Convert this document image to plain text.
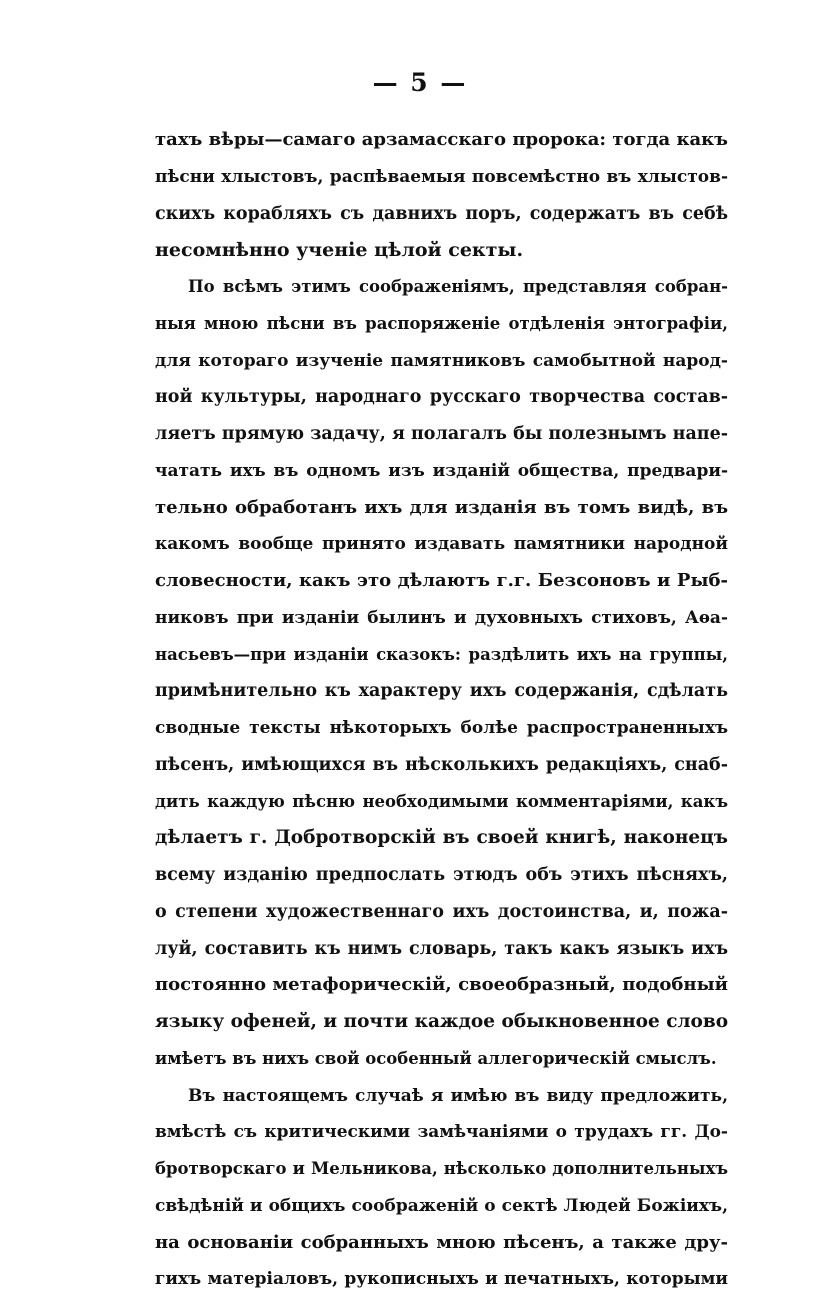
— 5 —
тахъ вѣры—самаго арзамасскаго пророка: тогда какъ
пѣсни хлыстовъ, распѣваемыя повсемѣстно въ хлыстов-
скихъ корабляхъ съ давнихъ поръ, содержатъ въ себѣ
несомнѣнно ученіе цѣлой секты.
По всѣмъ этимъ соображеніямъ, представляя собран-
ныя мною пѣсни въ распоряженіе отдѣленія энтографіи,
для котораго изученіе памятниковъ самобытной народ-
ной культуры, народнаго русскаго творчества состав-
ляетъ прямую задачу, я полагалъ бы полезнымъ напе-
чатать ихъ въ одномъ изъ изданій общества, предвари-
тельно обработанъ ихъ для изданія въ томъ видѣ, въ
какомъ вообще принято издавать памятники народной
словесности, какъ это дѣлаютъ г.г. Безсоновъ и Рыб-
никовъ при изданіи былинъ и духовныхъ стиховъ, Аѳа-
насьевъ—при изданіи сказокъ: раздѣлить ихъ на группы,
примѣнительно къ характеру ихъ содержанія, сдѣлать
сводные тексты нѣкоторыхъ болѣе распространенныхъ
пѣсенъ, имѣющихся въ нѣсколькихъ редакціяхъ, снаб-
дить каждую пѣсню необходимыми комментаріями, какъ
дѣлаетъ г. Добротворскій въ своей книгѣ, наконецъ
всему изданію предпослать этюдъ объ этихъ пѣсняхъ,
о степени художественнаго ихъ достоинства, и, пожа-
луй, составить къ нимъ словарь, такъ какъ языкъ ихъ
постоянно метафорическій, своеобразный, подобный
языку офеней, и почти каждое обыкновенное слово
имѣетъ въ нихъ свой особенный аллегорическій смыслъ.
Въ настоящемъ случаѣ я имѣю въ виду предложить,
вмѣстѣ съ критическими замѣчаніями о трудахъ гг. До-
бротворскаго и Мельникова, нѣсколько дополнительныхъ
свѣдѣній и общихъ соображеній о сектѣ Людей Божіихъ,
на основаніи собранныхъ мною пѣсенъ, а также дру-
гихъ матеріаловъ, рукописныхъ и печатныхъ, которыми
